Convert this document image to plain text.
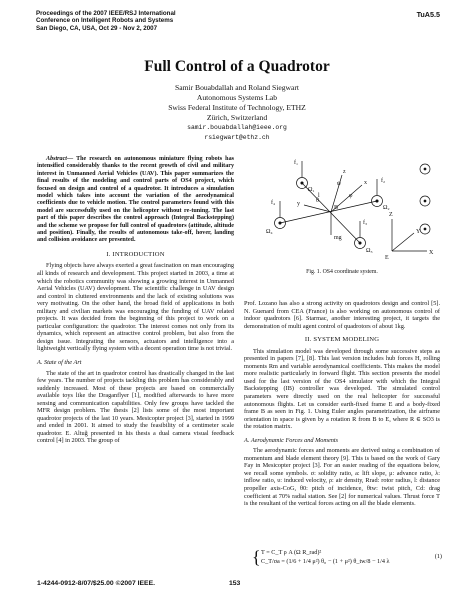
Proceedings of the 2007 IEEE/RSJ International
Conference on Intelligent Robots and Systems
San Diego, CA, USA, Oct 29 - Nov 2, 2007
TuA5.5
Full Control of a Quadrotor
Samir Bouabdallah and Roland Siegwart
Autonomous Systems Lab
Swiss Federal Institute of Technology, ETHZ
Zürich, Switzerland
samir.bouabdallah@ieee.org
rsiegwart@ethz.ch

Abstract— The research on autonomous miniature flying robots has intensified considerably thanks to the recent growth of civil and military interest in Unmanned Aerial Vehicles (UAV). This paper summarizes the final results of the modeling and control parts of OS4 project, which focused on design and control of a quadrotor. It introduces a simulation model which takes into account the variation of the aerodynamical coefficients due to vehicle motion. The control parameters found with this model are successfully used on the helicopter without re-tuning. The last part of this paper describes the control approach (Integral Backstepping) and the scheme we propose for full control of quadrotors (attitude, altitude and position). Finally, the results of autonomous take-off, hover, landing and collision avoidance are presented.

I. INTRODUCTION

Flying objects have always exerted a great fascination on man encouraging all kinds of research and development. This project started in 2003, a time at which the robotics community was showing a growing interest in Unmanned Aerial Vehicles (UAV) development. The scientific challenge in UAV design and control in cluttered environments and the lack of existing solutions was very motivating. On the other hand, the broad field of applications in both military and civilian markets was encouraging the funding of UAV related projects. It was decided from the beginning of this project to work on a particular configuration: the quadrotor. The interest comes not only from its dynamics, which represent an attractive control problem, but also from the design issue. Integrating the sensors, actuators and intelligence into a lightweight vertically flying system with a decent operation time is not trivial.

A. State of the Art

The state of the art in quadrotor control has drastically changed in the last few years. The number of projects tackling this problem has considerably and suddenly increased. Most of these projects are based on commercially available toys like the Draganflyer [1], modified afterwards to have more sensing and communication capabilities. Only few groups have tackled the MFR design problem. The thesis [2] lists some of the most important quadrotor projects of the last 10 years. Mesicopter project [3], started in 1999 and ended in 2001. It aimed to study the feasibility of a centimeter scale quadrotor. E. Altuğ presented in his thesis a dual camera visual feedback control [4] in 2003. The group of

f₁
f₂
f₃
f₄
Ω₁
Ω₂
Ω₃
Ω₄
x
y
z
B
E
φ
θ
ψ
X
Y
Z
mg
l
Fig. 1. OS4 coordinate system.

Prof. Lozano has also a strong activity on quadrotors design and control [5]. N. Guenard from CEA (France) is also working on autonomous control of indoor quadrotors [6]. Starmac, another interesting project, it targets the demonstration of multi agent control of quadrotors of about 1kg.

II. SYSTEM MODELING

This simulation model was developed through some successive steps as presented in papers [7], [8]. This last version includes hub forces H, rolling moments Rm and variable aerodynamical coefficients. This makes the model more realistic particularly in forward flight. This section presents the model used for the last version of the OS4 simulator with which the Integral Backstepping (IB) controller was developed. The simulated control parameters were directly used on the real helicopter for successful autonomous flights. Let us consider earth-fixed frame E and a body-fixed frame B as seen in Fig. 1. Using Euler angles parametrization, the airframe orientation in space is given by a rotation R from B to E, where R ∈ SO3 is the rotation matrix.

A. Aerodynamic Forces and Moments

The aerodynamic forces and moments are derived using a combination of momentum and blade element theory [9]. This is based on the work of Gary Fay in Mesicopter project [3]. For an easier reading of the equations below, we recall some symbols. σ: solidity ratio, a: lift slope, μ: advance ratio, λ: inflow ratio, υ: induced velocity, ρ: air density, Rrad: rotor radius, l: distance propeller axis-CoG, θ0: pitch of incidence, θtw: twist pitch, Cd: drag coefficient at 70% radial station. See [2] for numerical values. Thrust force T is the resultant of the vertical forces acting on all the blade elements.

{ T = C_T ρ A (Ω R_rad)²
C_T/σa = (1/6 + 1/4 μ²) θ₀ − (1 + μ²) θ_tw/8 − 1/4 λ
(1)
1-4244-0912-8/07/$25.00 ©2007 IEEE.	153
